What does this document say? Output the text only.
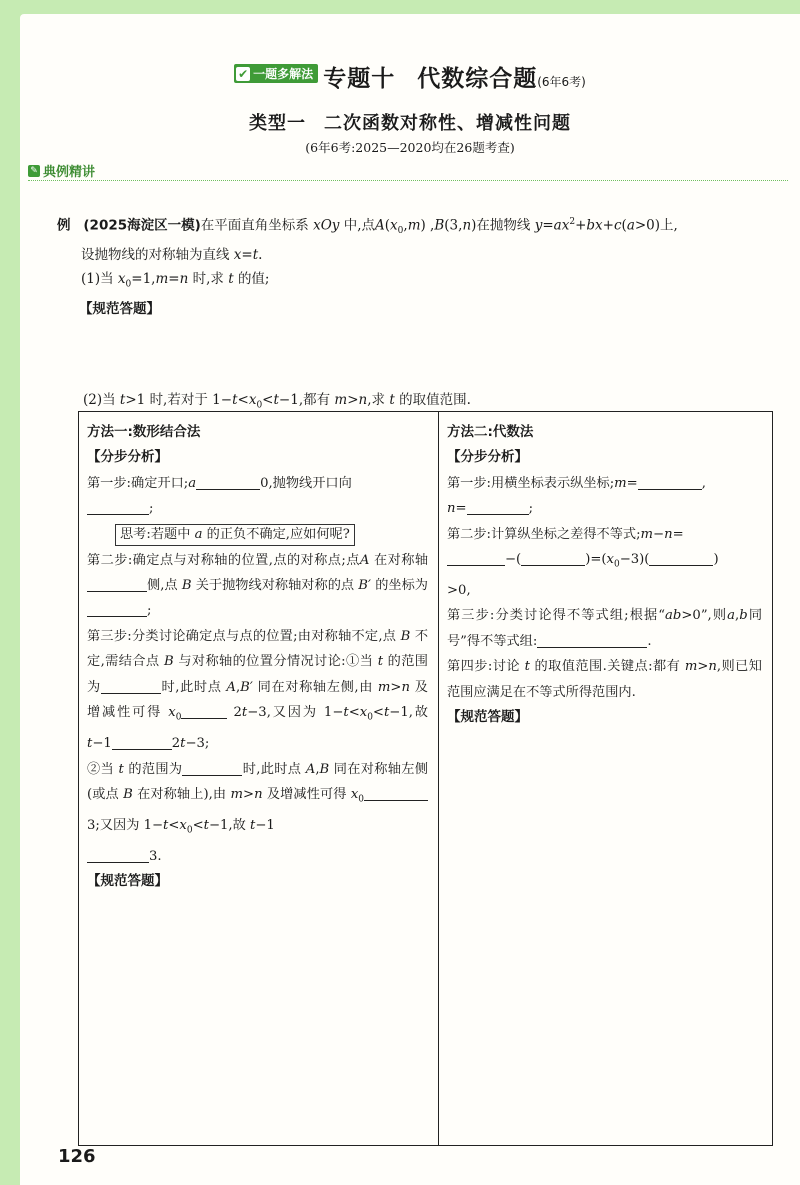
✔ 一题多解法 专题十 代数综合题(6年6考)
类型一 二次函数对称性、增减性问题
(6年6考:2025—2020均在26题考查)
✎ 典例精讲
例 (2025海淀区一模)在平面直角坐标系 xOy 中,点$A(x_0,m)$ ,B(3,n)在抛物线 $y=ax^2+bx+c(a>0)$上,
设抛物线的对称轴为直线 x=t.
(1)当 $x_0=1,m=n$ 时,求 t 的值;
【规范答题】
(2)当 t>1 时,若对于 $1-t<x_0<t-1$,都有 m>n,求 t 的取值范围.
方法一:数形结合法
【分步分析】
第一步:确定开口;a	0,抛物线开口向
;
思考:若题中 a 的正负不确定,应如何呢?
第二步:确定点与对称轴的位置,点的对称点;点A 在对称轴侧,点 B 关于抛物线对称轴对称的点 B′ 的坐标为;
第三步:分类讨论确定点与点的位置;由对称轴不定,点 B 不定,需结合点 B 与对称轴的位置分情况讨论:①当 t 的范围为	时,此时点 A,B′ 同在对称轴左侧,由 m>n 及增减性可得 $x_0$	2t−3,又因为 $1-t<x_0<t-1$,故 t−1	2t−3;
②当 t 的范围为	时,此时点 A,B 同在对称轴左侧(或点 B 在对称轴上),由 m>n 及增减性可得 $x_03$;又因为 $1-t<x_0<t-1$,故 t−1
3.
【规范答题】
方法二:代数法
【分步分析】
第一步:用横坐标表示纵坐标;m=	,
n=	;
第二步:计算纵坐标之差得不等式;m−n=
−(	)$=(x_0-3)$(	)
>0,
第三步:分类讨论得不等式组;根据“ab>0”,则a,b同号”得不等式组:	.
第四步:讨论 t 的取值范围.关键点:都有 m>n,则已知范围应满足在不等式所得范围内.
【规范答题】
126
